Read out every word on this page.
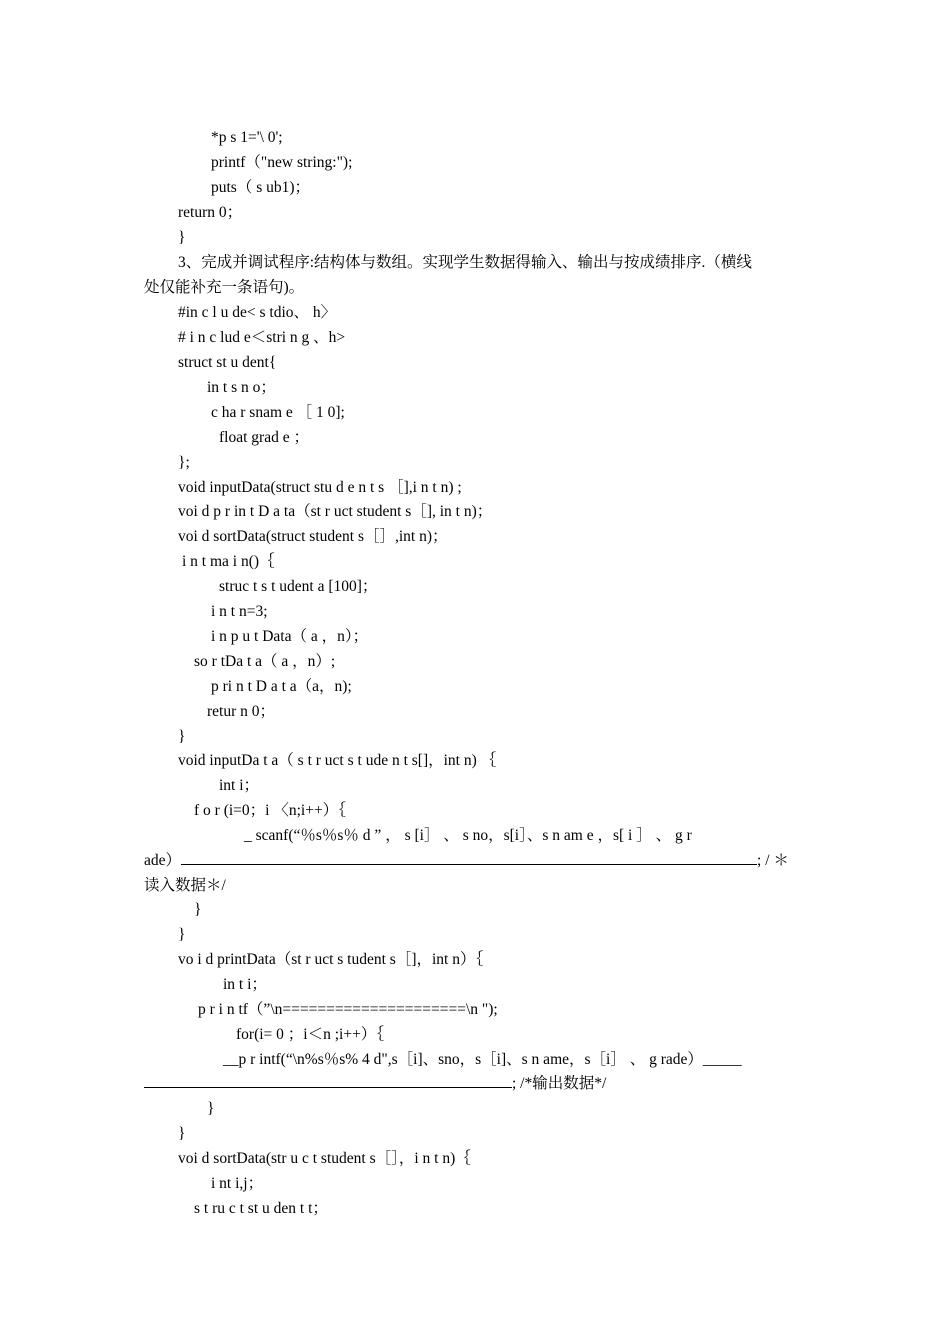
*p s 1='\ 0';
printf（"new string:");
puts（ s ub1)；
return 0；
}
3、完成并调试程序:结构体与数组。实现学生数据得输入、输出与按成绩排序.（横线
处仅能补充一条语句)。
#in c l u de< s tdio、 h〉
# i n c lud e＜stri n g 、h>
struct st u dent{
in t s n o；
c ha r snam e ［ 1 0];
float grad e ；
};
void inputData(struct stu d e n t s ［],i n t n) ;
voi d p r in t D a ta（st r uct student s［], in t n)；
voi d sortData(struct student s［］,int n)；
i n t ma i n()｛
struc t s t udent a [100]；
i n t n=3;
i n p u t Data（ a ，n）；
so r tDa t a（ a ，n）;
p ri n t D a t a（a，n);
retur n 0；
}
void inputDa t a（ s t r uct s t ude n t s[]，int n) ｛
int i；
f o r (i=0；i 〈n;i++）｛
_ scanf(“％s％s％ d ” ， s [i］ 、 s no，s[i］、s n am e ，s[ i ］ 、 g r
ade）	; / ＊
读入数据＊/
}
}
vo i d printData（st r uct s tudent s［]，int n）｛
in t i；
p r i n tf（”\n=====================\n ");
for(i= 0 ；i＜n ;i++）｛
__p r intf(“\n%s％s% 4 d",s［i]、sno，s［i]、s n ame，s［i］ 、 g rade）_____
; /*输出数据*/
}
}
voi d sortData(str u c t student s［］，i n t n)｛
i nt i,j；
s t ru c t st u den t t；
